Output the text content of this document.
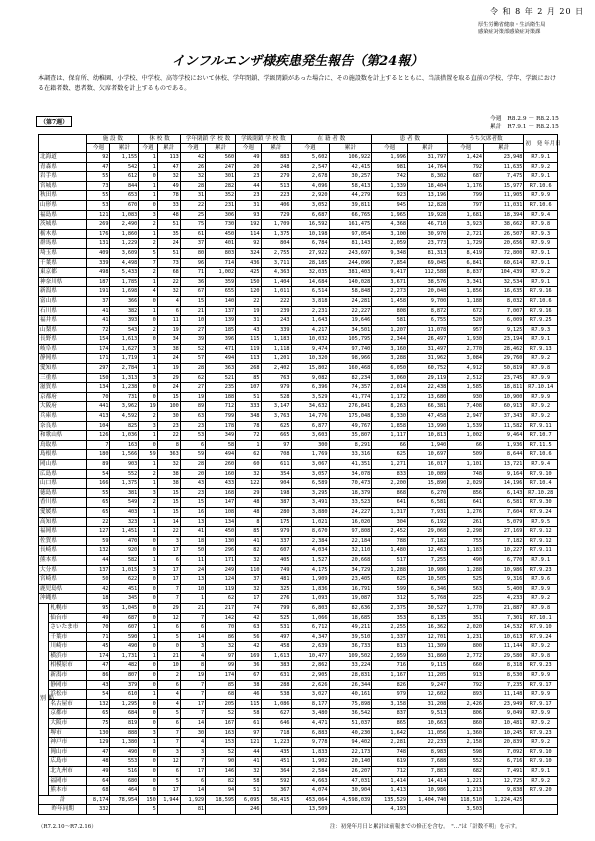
令 和 8 年 2 月 20 日
厚生労働省健康・生活衛生局
感染症対策部感染症対策課
インフルエンザ様疾患発生報告（第24報）
本調査は、保育所、幼稚園、小学校、中学校、高等学校において休校、学年閉鎖、学級閉鎖があった場合に、その施設数を計上するとともに、当該措置を取る直前の学校、学年、学級における在籍者数、患者数、欠席者数を計上するものである。
（第7週）	今週　R8.2.9 － R8.2.15
累計　R7.9.1 － R8.2.15
		施 設 数		休 校 数		学年閉鎖 学 校 数		学級閉鎖 学 校 数		在 籍 者 数		患 者 数		うち欠席者数		初　発 年月日
		今週	累計	今週	累計	今週	累計	今週	累計	今週	累計	今週	累計	今週	累計	
北海道		92	1,155	1	113	42	560	49	883	5,602	106,922	1,996	31,797	1,424	23,948	R7.9.1
青森県		47	542	1	47	26	247	20	248	2,547	42,415	981	14,764	792	11,635	R7.9.2
岩手県		55	612	0	32	32	301	23	279	2,678	30,257	742	8,302	687	7,475	R7.9.1
宮城県		73	844	1	49	28	282	44	513	4,096	58,413	1,339	18,404	1,176	15,977	R7.10.6
秋田県		55	653	1	78	31	352	23	223	2,920	44,279	923	13,196	799	11,905	R7.9.9
山形県		53	670	0	33	22	231	31	406	3,052	39,811	945	12,828	797	11,031	R7.10.6
福島県		121	1,083	3	48	25	306	93	729	6,687	66,765	1,965	19,928	1,681	18,394	R7.9.4
茨城県		269	2,490	2	51	75	730	192	1,709	16,592	161,475	4,368	46,710	3,923	38,662	R7.9.8
栃木県		176	1,860	1	35	61	450	114	1,375	10,198	97,054	3,100	30,970	2,721	26,507	R7.9.3
群馬県		131	1,229	2	24	37	401	92	804	6,784	81,143	2,059	23,773	1,729	20,656	R7.9.9
埼玉県		409	3,609	5	51	80	803	324	2,755	27,922	243,697	9,348	81,313	8,419	72,800	R7.9.1
千葉県		339	4,498	7	73	96	714	436	3,711	28,185	244,096	7,854	69,045	6,841	60,614	R7.9.1
東京都		498	5,433	2	68	71	1,002	425	4,363	32,035	381,403	9,417	112,588	8,837	104,439	R7.9.2
神奈川県		187	1,785	1	22	36	359	150	1,404	14,684	140,028	3,671	38,576	3,341	32,534	R7.9.1
新潟県		191	1,698	4	32	67	655	120	1,011	6,514	58,848	2,273	20,048	1,856	16,635	R7.9.16
富山県		37	366	0	4	15	140	22	222	3,818	24,281	1,458	9,700	1,188	8,032	R7.10.6
石川県		41	382	1	6	21	137	19	239	2,231	22,227	808	8,872	672	7,007	R7.9.16
福井県		41	393	0	11	10	139	31	243	1,643	19,646	581	6,755	520	6,009	R7.9.25
山梨県		72	543	2	19	27	185	43	339	4,217	34,501	1,207	11,078	957	9,125	R7.9.3
長野県		154	1,613	0	34	39	396	115	1,183	10,032	105,795	2,344	26,497	1,930	23,194	R7.9.1
岐阜県		174	1,627	3	38	52	471	119	1,118	9,474	97,740	3,160	31,497	2,770	28,462	R7.9.13
静岡県		171	1,719	1	24	57	494	113	1,201	10,320	98,966	3,288	31,962	3,084	29,760	R7.9.2
愛知県		297	2,784	1	19	28	363	268	2,402	15,802	160,468	6,050	60,752	4,912	50,819	R7.9.8
三重県		150	1,313	3	29	62	521	85	763	9,082	82,234	3,060	29,119	2,512	23,745	R7.9.9
滋賀県		134	1,238	0	24	27	235	107	979	6,396	74,357	2,014	22,438	1,585	18,811	R7.10.14
京都府		70	731	0	15	19	188	51	528	3,529	41,774	1,172	13,680	930	10,900	R7.9.9
大阪府		441	3,962	19	100	89	712	333	3,147	34,632	276,841	8,263	66,381	7,408	60,913	R7.9.2
兵庫県		413	4,592	2	30	63	799	348	3,763	14,776	175,048	8,330	47,458	2,947	37,343	R7.9.2
奈良県		104	825	3	23	23	178	78	625	6,877	49,767	1,858	13,990	1,539	11,582	R7.9.11
和歌山県		126	1,036	1	22	53	349	72	665	3,603	35,807	1,117	10,813	1,002	9,464	R7.10.7
鳥取県		7	163	0	8	6	58	1	97	300	8,291	66	1,940	66	1,936	R7.11.5
島根県		180	1,566	59	363	59	494	62	708	1,769	33,316	625	10,697	509	8,644	R7.10.6
岡山県		89	903	1	32	28	260	60	611	3,067	41,351	1,271	16,017	1,101	13,721	R7.9.4
広島県		54	552	2	38	20	160	32	354	3,057	34,078	833	10,089	748	9,164	R7.9.10
山口県		166	1,375	1	38	43	433	122	904	6,589	70,473	2,200	15,890	2,029	14,196	R7.10.4
徳島県		55	381	3	15	23	168	29	198	3,295	18,379	868	6,270	856	6,143	R7.10.28
香川県		65	549	2	15	15	147	48	387	3,491	33,523	641	6,581	641	6,581	R7.9.30
愛媛県		65	403	1	15	16	108	48	280	3,880	24,227	1,317	7,931	1,276	7,604	R7.9.24
高知県		22	323	1	14	13	134	8	175	1,021	16,020	304	6,192	261	5,079	R7.9.5
福岡県		127	1,451	1	22	41	450	85	979	8,670	97,808	2,452	29,068	2,298	27,169	R7.9.12
佐賀県		59	470	0	3	18	130	41	337	2,384	22,184	788	7,182	755	7,182	R7.9.12
長崎県		132	920	0	17	50	296	82	607	4,034	32,110	1,480	12,463	1,183	10,227	R7.9.11
熊本県		44	582	1	6	11	171	32	405	1,527	20,668	517	7,255	490	6,770	R7.9.1
大分県		137	1,015	3	17	24	249	110	749	4,175	34,729	1,288	10,986	1,288	10,986	R7.9.23
宮崎県		50	622	0	17	13	124	37	481	1,909	23,405	625	10,505	525	9,316	R7.9.6
鹿児島県		42	451	0	7	10	119	32	325	1,836	16,791	599	6,346	563	5,400	R7.9.9
沖縄県		18	345	0	7	1	62	17	276	1,093	19,087	312	5,768	225	4,233	R7.9.2
別 掲	札幌市	95	1,045	0	29	21	217	74	799	6,803	82,636	2,375	30,527	1,770	21,887	R7.9.8
	仙台市	49	687	0	12	7	142	42	525	1,066	18,685	353	8,135	351	7,301	R7.10.1
	さいたま市	70	607	1	6	6	70	63	531	6,712	49,211	2,255	16,362	2,020	14,532	R7.9.10
	千葉市	71	590	1	5	14	86	56	497	4,347	39,510	1,337	12,701	1,231	10,613	R7.9.24
	川崎市	45	490	0	0	3	32	42	458	2,639	36,733	813	11,309	800	11,144	R7.9.2
	横浜市	174	1,731	1	21	4	97	169	1,613	10,477	109,502	2,959	31,860	2,772	29,580	R7.9.8
	相模原市	47	482	0	10	8	99	36	383	2,862	33,224	716	9,115	660	8,318	R7.9.23
	新潟市	86	807	0	2	19	174	67	631	2,905	28,831	1,167	11,205	913	8,530	R7.9.9
	静岡市	43	379	0	6	7	85	38	288	2,626	26,344	826	9,247	792	7,235	R7.9.17
	浜松市	54	610	1	4	7	68	46	538	3,027	40,161	979	12,602	893	11,148	R7.9.9
	名古屋市	132	1,295	0	4	17	205	115	1,086	8,177	75,898	3,158	31,208	2,426	23,949	R7.9.17
	京都市	65	684	0	5	7	52	58	627	3,480	36,542	837	9,513	806	9,049	R7.9.9
	大阪市	75	819	0	6	14	167	61	646	4,471	51,037	865	10,663	860	10,481	R7.9.2
	堺市	130	888	3	7	30	163	97	718	6,883	40,230	1,642	11,056	1,360	10,245	R7.9.23
	神戸市	129	1,380	1	7	4	153	121	1,223	9,778	94,402	2,281	22,233	2,158	20,839	R7.9.2
	岡山市	47	490	0	3	3	52	44	435	1,833	22,173	748	8,983	598	7,092	R7.9.10
	広島市	48	553	0	12	7	90	41	451	1,902	20,140	619	7,688	552	6,716	R7.9.10
	北九州市	49	516	0	6	17	146	32	364	2,584	26,207	712	7,883	682	7,491	R7.9.1
	福岡市	64	680	0	5	6	82	58	592	4,663	47,031	1,414	14,414	1,221	12,725	R7.9.2
	熊本市	68	464	0	17	14	94	51	367	4,074	30,904	1,413	10,986	1,213	9,838	R7.9.20
計		8,174	78,954	150	1,944	1,929	18,595	6,095	58,415	453,064	4,598,039	135,529	1,404,740	118,510	1,224,425	
昨年同期		332		5		81		246		13,509		4,193		3,503		
（R7.2.10～R7.2.16）	注：初発年月日と累計は前報までの修正を含む。　"…"は「計数不明」を示す。
